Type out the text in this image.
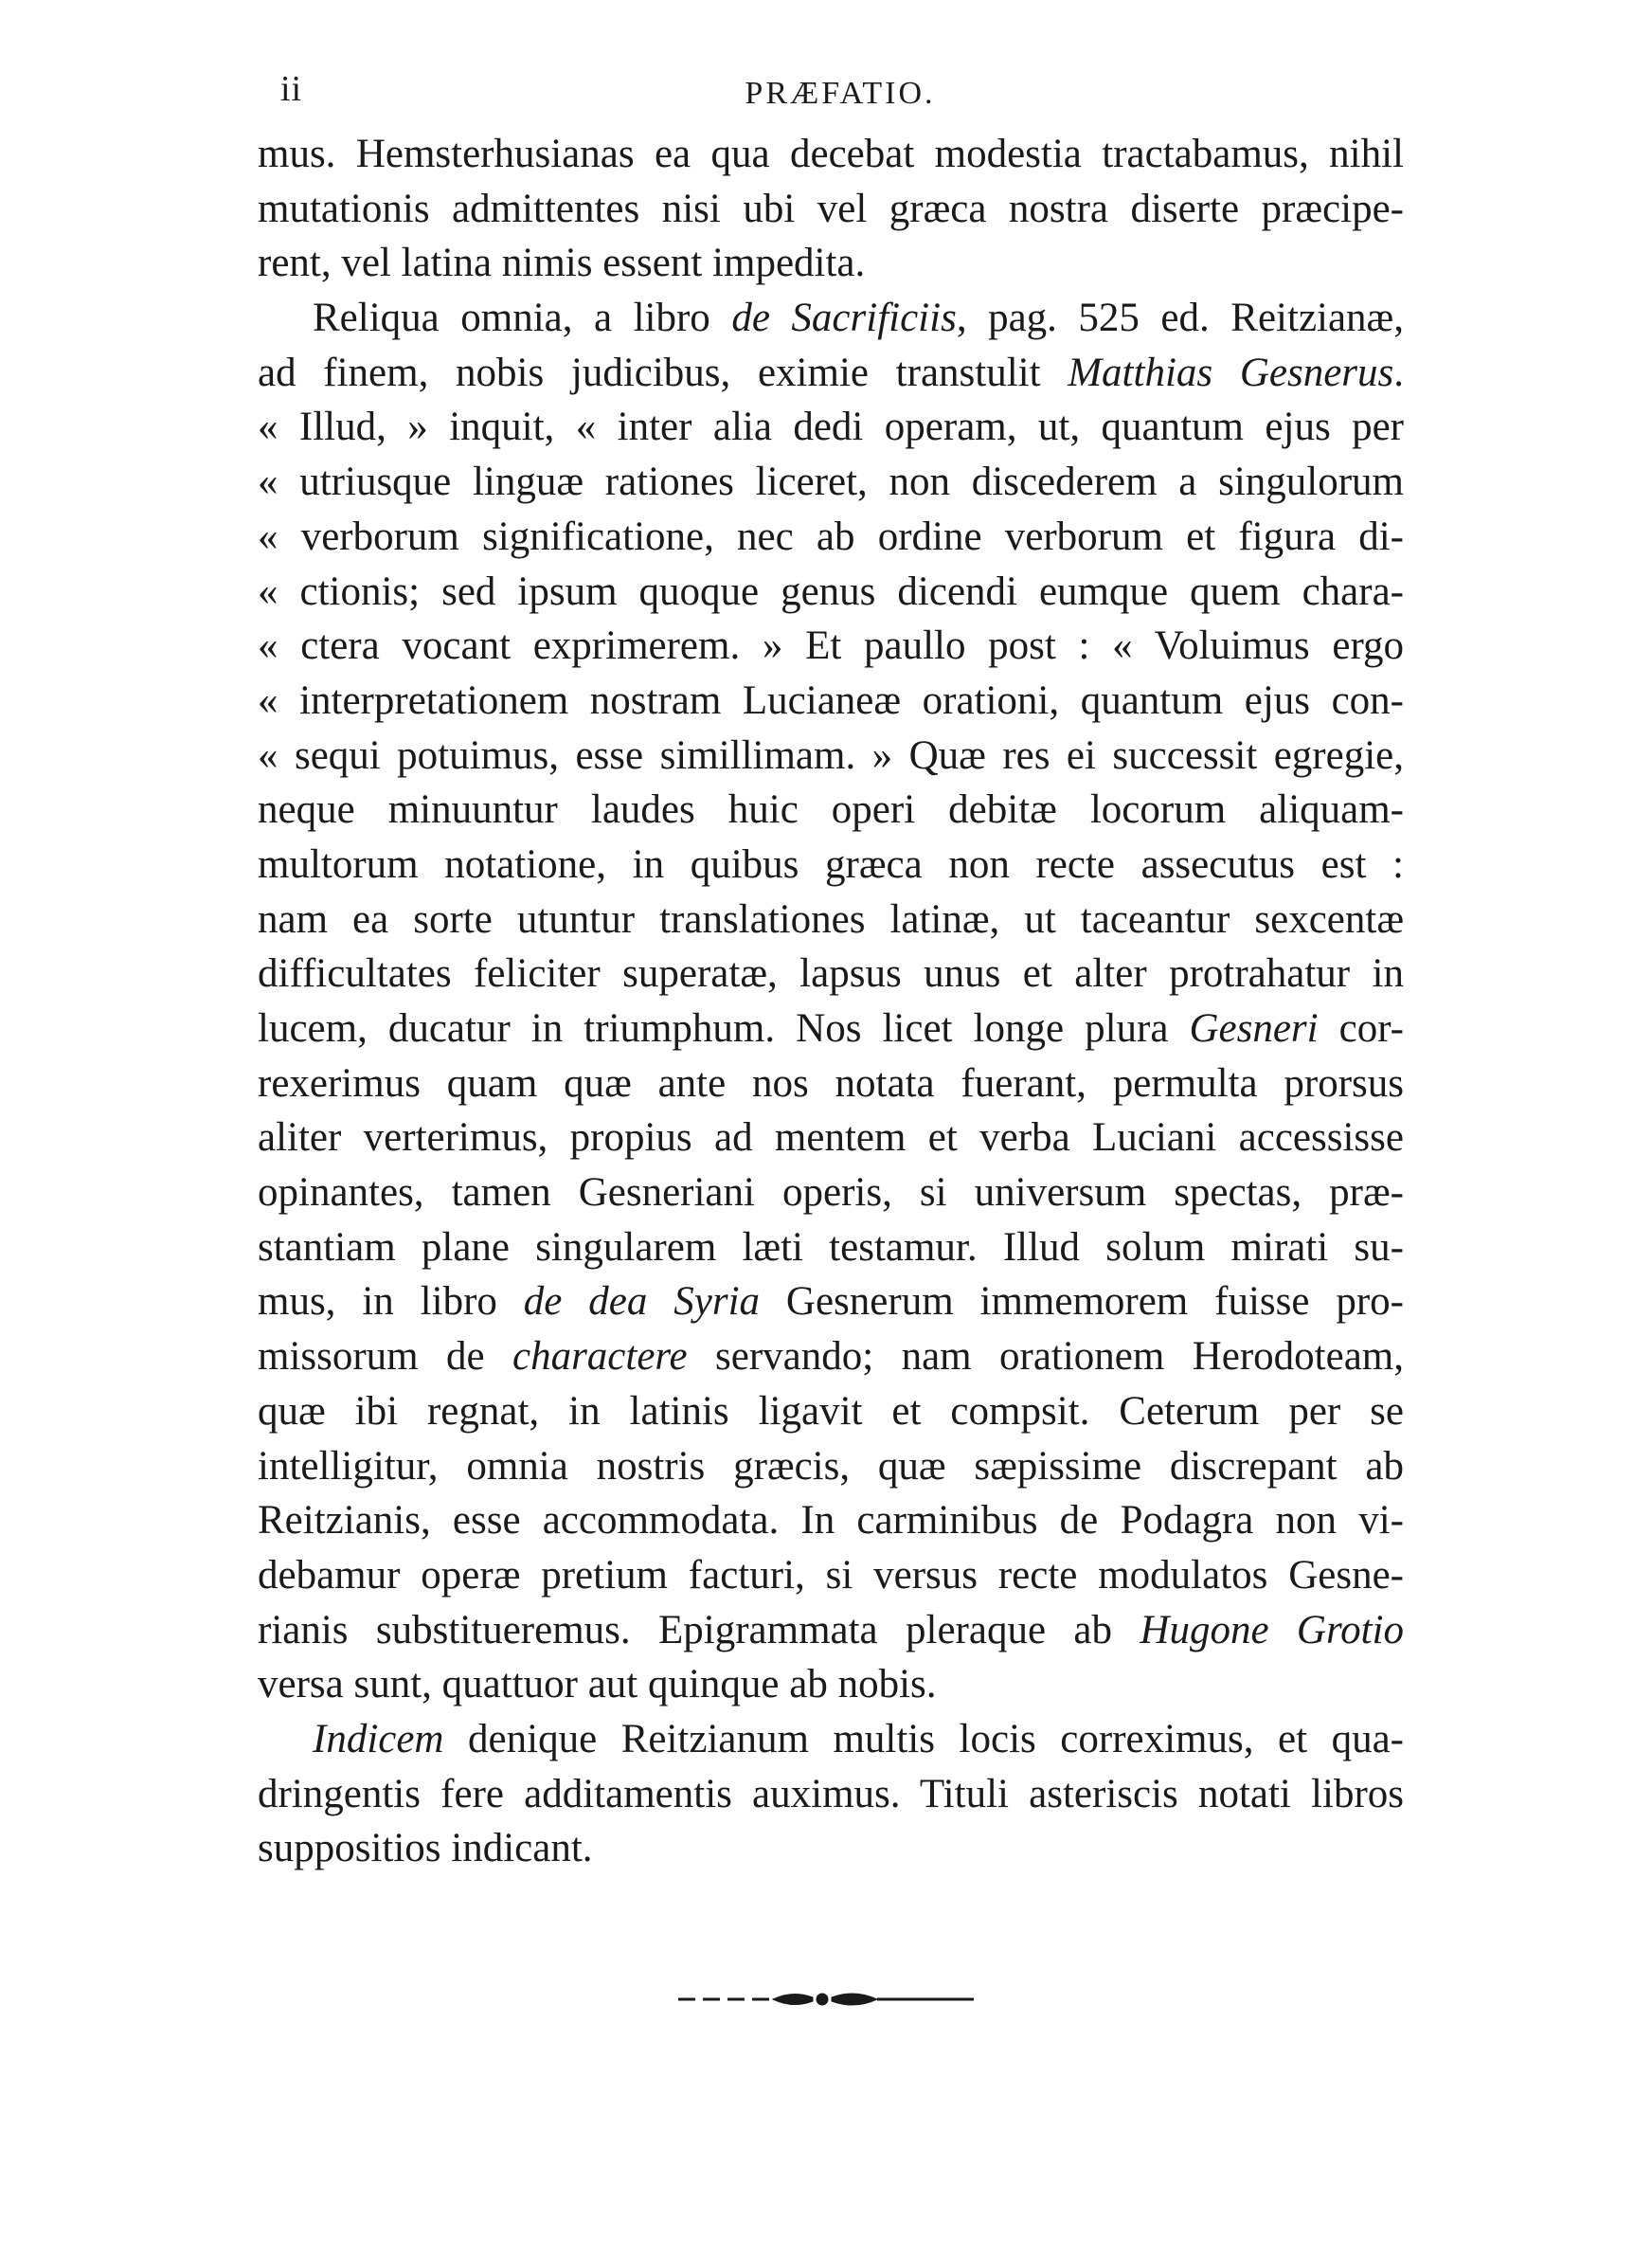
ii	PRÆFATIO.
mus. Hemsterhusianas ea qua decebat modestia tractabamus, nihil
mutationis admittentes nisi ubi vel græca nostra diserte præcipe-
rent, vel latina nimis essent impedita.
Reliqua omnia, a libro de Sacrificiis, pag. 525 ed. Reitzianæ,
ad finem, nobis judicibus, eximie transtulit Matthias Gesnerus.
« Illud, » inquit, « inter alia dedi operam, ut, quantum ejus per
« utriusque linguæ rationes liceret, non discederem a singulorum
« verborum significatione, nec ab ordine verborum et figura di-
« ctionis; sed ipsum quoque genus dicendi eumque quem chara-
« ctera vocant exprimerem. » Et paullo post : « Voluimus ergo
« interpretationem nostram Lucianeæ orationi, quantum ejus con-
« sequi potuimus, esse simillimam. » Quæ res ei successit egregie,
neque minuuntur laudes huic operi debitæ locorum aliquam-
multorum notatione, in quibus græca non recte assecutus est :
nam ea sorte utuntur translationes latinæ, ut taceantur sexcentæ
difficultates feliciter superatæ, lapsus unus et alter protrahatur in
lucem, ducatur in triumphum. Nos licet longe plura Gesneri cor-
rexerimus quam quæ ante nos notata fuerant, permulta prorsus
aliter verterimus, propius ad mentem et verba Luciani accessisse
opinantes, tamen Gesneriani operis, si universum spectas, præ-
stantiam plane singularem læti testamur. Illud solum mirati su-
mus, in libro de dea Syria Gesnerum immemorem fuisse pro-
missorum de charactere servando; nam orationem Herodoteam,
quæ ibi regnat, in latinis ligavit et compsit. Ceterum per se
intelligitur, omnia nostris græcis, quæ sæpissime discrepant ab
Reitzianis, esse accommodata. In carminibus de Podagra non vi-
debamur operæ pretium facturi, si versus recte modulatos Gesne-
rianis substitueremus. Epigrammata pleraque ab Hugone Grotio
versa sunt, quattuor aut quinque ab nobis.
Indicem denique Reitzianum multis locis correximus, et qua-
dringentis fere additamentis auximus. Tituli asteriscis notati libros
suppositios indicant.
